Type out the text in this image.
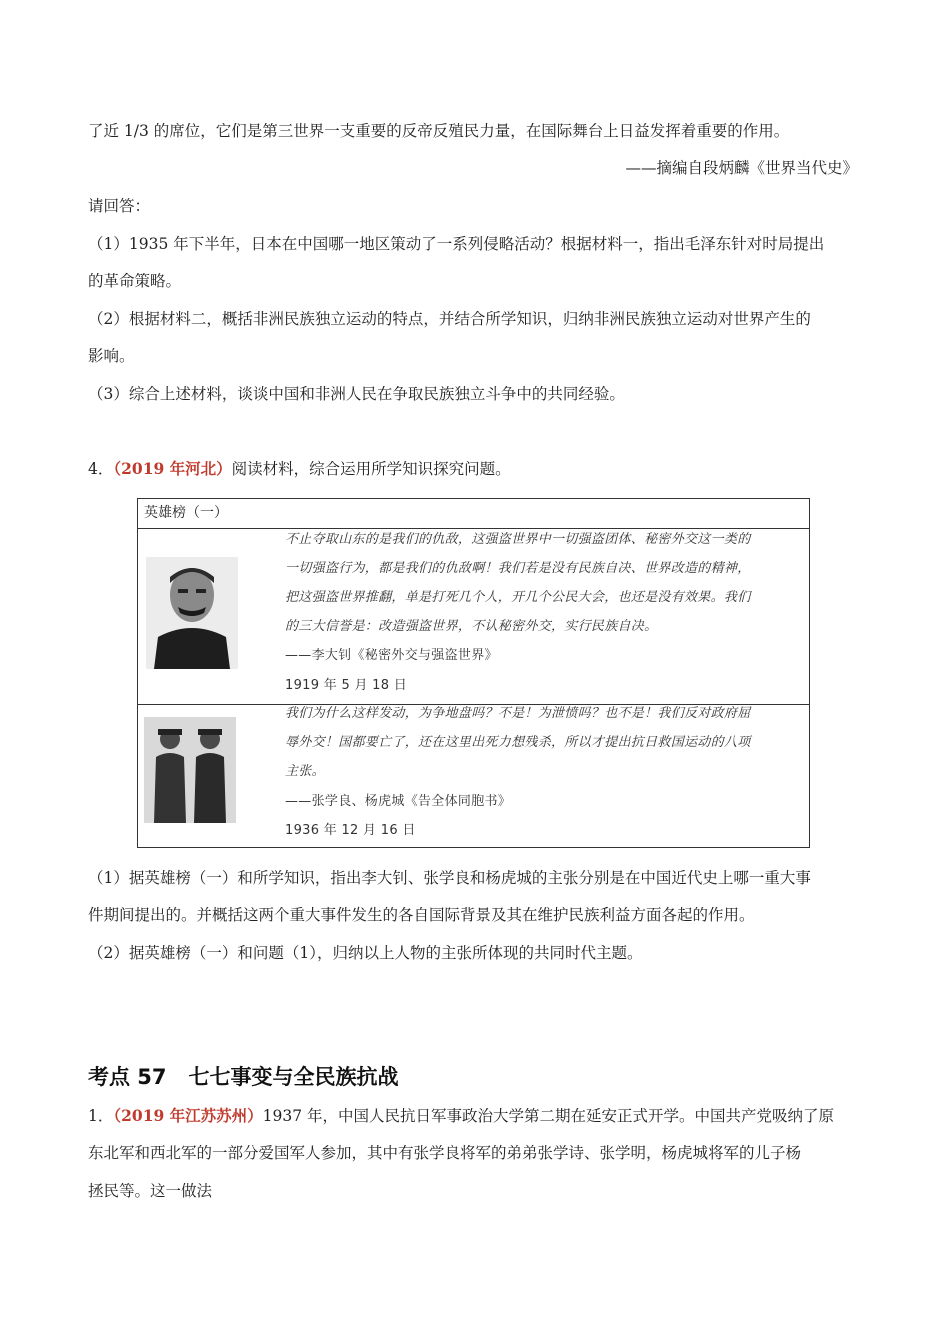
了近 1/3 的席位，它们是第三世界一支重要的反帝反殖民力量，在国际舞台上日益发挥着重要的作用。
——摘编自段炳麟《世界当代史》
请回答：
（1）1935 年下半年，日本在中国哪一地区策动了一系列侵略活动？根据材料一，指出毛泽东针对时局提出
的革命策略。
（2）根据材料二，概括非洲民族独立运动的特点，并结合所学知识，归纳非洲民族独立运动对世界产生的
影响。
（3）综合上述材料，谈谈中国和非洲人民在争取民族独立斗争中的共同经验。
4．（2019 年河北）阅读材料，综合运用所学知识探究问题。
英雄榜（一）
不止夺取山东的是我们的仇敌，这强盗世界中一切强盗团体、秘密外交这一类的
一切强盗行为，都是我们的仇敌啊！我们若是没有民族自决、世界改造的精神，
把这强盗世界推翻，单是打死几个人，开几个公民大会，也还是没有效果。我们
的三大信誉是：改造强盗世界，不认秘密外交，实行民族自决。
——李大钊《秘密外交与强盗世界》
1919 年 5 月 18 日
我们为什么这样发动，为争地盘吗？不是！为泄愤吗？也不是！我们反对政府屈
辱外交！国都要亡了，还在这里出死力想残杀，所以才提出抗日救国运动的八项
主张。
——张学良、杨虎城《告全体同胞书》
1936 年 12 月 16 日
（1）据英雄榜（一）和所学知识，指出李大钊、张学良和杨虎城的主张分别是在中国近代史上哪一重大事
件期间提出的。并概括这两个重大事件发生的各自国际背景及其在维护民族利益方面各起的作用。
（2）据英雄榜（一）和问题（1），归纳以上人物的主张所体现的共同时代主题。
考点 57 七七事变与全民族抗战
1．（2019 年江苏苏州）1937 年，中国人民抗日军事政治大学第二期在延安正式开学。中国共产党吸纳了原
东北军和西北军的一部分爱国军人参加，其中有张学良将军的弟弟张学诗、张学明，杨虎城将军的儿子杨
拯民等。这一做法
